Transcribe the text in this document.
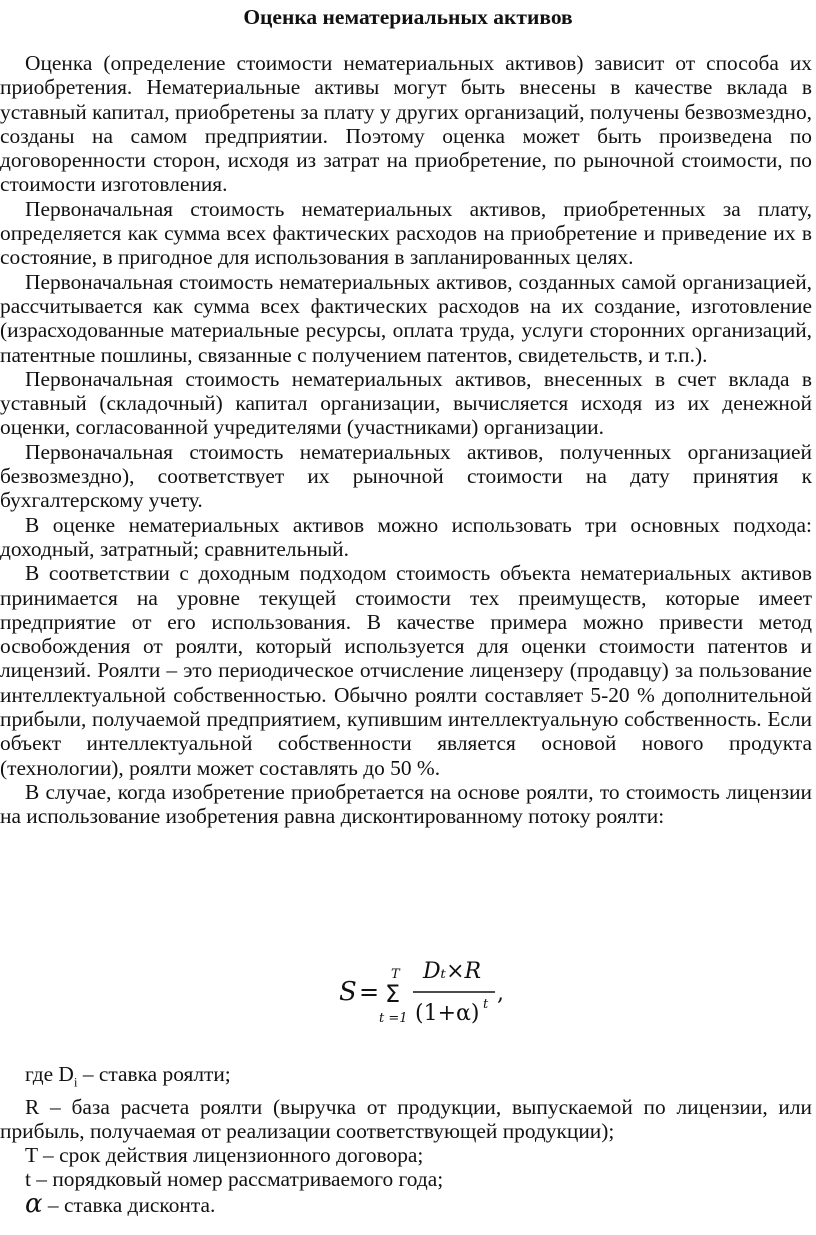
Оценка нематериальных активов

Оценка (определение стоимости нематериальных активов) зависит от способа их приобретения. Нематериальные активы могут быть внесены в качестве вклада в уставный капитал, приобретены за плату у других организаций, получены безвозмездно, созданы на самом предприятии. Поэтому оценка может быть произведена по договоренности сторон, исходя из затрат на приобретение, по рыночной стоимости, по стоимости изготовления.

Первоначальная стоимость нематериальных активов, приобретенных за плату, определяется как сумма всех фактических расходов на приобретение и приведение их в состояние, в пригодное для использования в запланированных целях.

Первоначальная стоимость нематериальных активов, созданных самой организацией, рассчитывается как сумма всех фактических расходов на их создание, изготовление (израсходованные материальные ресурсы, оплата труда, услуги сторонних организаций, патентные пошлины, связанные с получением патентов, свидетельств, и т.п.).

Первоначальная стоимость нематериальных активов, внесенных в счет вклада в уставный (складочный) капитал организации, вычисляется исходя из их денежной оценки, согласованной учредителями (участниками) организации.

Первоначальная стоимость нематериальных активов, полученных организацией безвозмездно), соответствует их рыночной стоимости на дату принятия к бухгалтерскому учету.

В оценке нематериальных активов можно использовать три основных подхода: доходный, затратный; сравнительный.

В соответствии с доходным подходом стоимость объекта нематериальных активов принимается на уровне текущей стоимости тех преимуществ, которые имеет предприятие от его использования. В качестве примера можно привести метод освобождения от роялти, который используется для оценки стоимости патентов и лицензий. Роялти – это периодическое отчисление лицензеру (продавцу) за пользование интеллектуальной собственностью. Обычно роялти составляет 5-20 % дополнительной прибыли, получаемой предприятием, купившим интеллектуальную собственность. Если объект интеллектуальной собственности является основой нового продукта (технологии), роялти может составлять до 50 %.

В случае, когда изобретение приобретается на основе роялти, то стоимость лицензии на использование изобретения равна дисконтированному потоку роялти:

S =
T
Σ
t =1
Dₜ×R
(1+α) t ,

где $D_i$ – ставка роялти;

R – база расчета роялти (выручка от продукции, выпускаемой по лицензии, или прибыль, получаемая от реализации соответствующей продукции);

T – срок действия лицензионного договора;

t – порядковый номер рассматриваемого года;

α – ставка дисконта.
